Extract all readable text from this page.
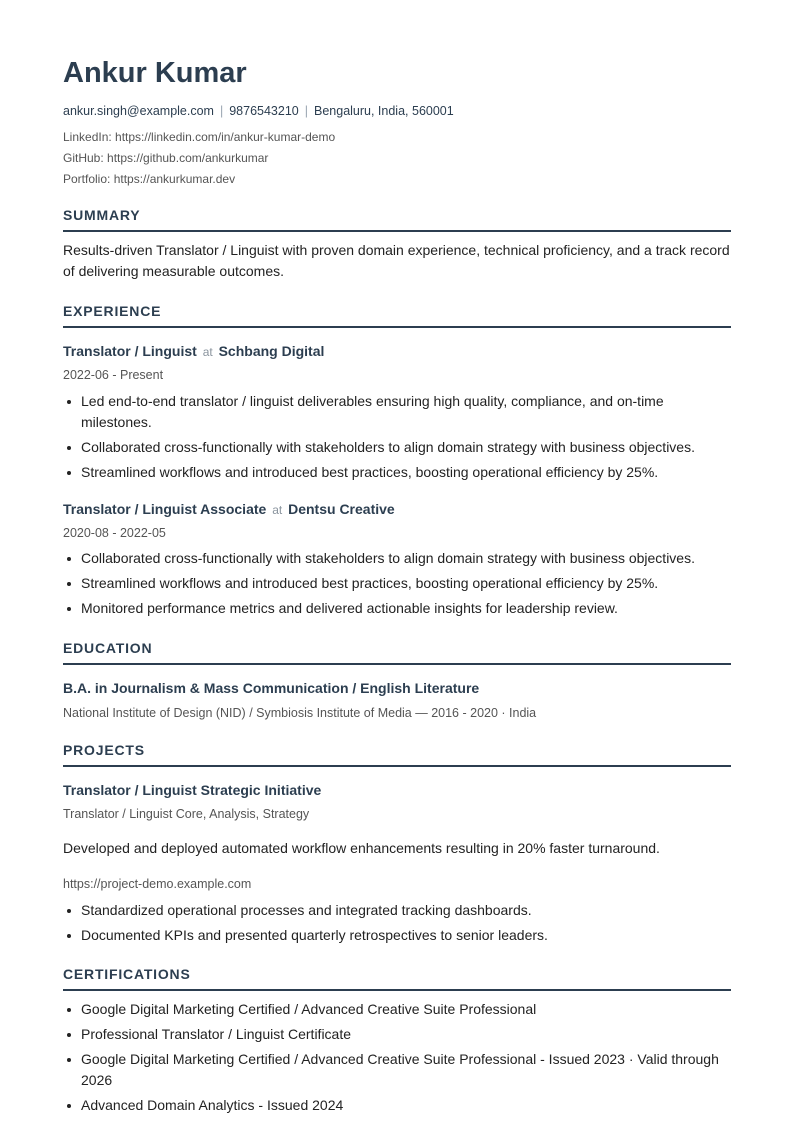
Ankur Kumar
ankur.singh@example.com | 9876543210 | Bengaluru, India, 560001
LinkedIn: https://linkedin.com/in/ankur-kumar-demo
GitHub: https://github.com/ankurkumar
Portfolio: https://ankurkumar.dev
SUMMARY

Results-driven Translator / Linguist with proven domain experience, technical proficiency, and a track record of delivering measurable outcomes.

EXPERIENCE
Translator / Linguist at Schbang Digital
2022-06 - Present
Led end-to-end translator / linguist deliverables ensuring high quality, compliance, and on-time milestones.
Collaborated cross-functionally with stakeholders to align domain strategy with business objectives.
Streamlined workflows and introduced best practices, boosting operational efficiency by 25%.
Translator / Linguist Associate at Dentsu Creative
2020-08 - 2022-05
Collaborated cross-functionally with stakeholders to align domain strategy with business objectives.
Streamlined workflows and introduced best practices, boosting operational efficiency by 25%.
Monitored performance metrics and delivered actionable insights for leadership review.
EDUCATION
B.A. in Journalism & Mass Communication / English Literature
National Institute of Design (NID) / Symbiosis Institute of Media — 2016 - 2020 · India
PROJECTS
Translator / Linguist Strategic Initiative
Translator / Linguist Core, Analysis, Strategy

Developed and deployed automated workflow enhancements resulting in 20% faster turnaround.

https://project-demo.example.com
Standardized operational processes and integrated tracking dashboards.
Documented KPIs and presented quarterly retrospectives to senior leaders.
CERTIFICATIONS
Google Digital Marketing Certified / Advanced Creative Suite Professional
Professional Translator / Linguist Certificate
Google Digital Marketing Certified / Advanced Creative Suite Professional - Issued 2023 · Valid through 2026
Advanced Domain Analytics - Issued 2024
